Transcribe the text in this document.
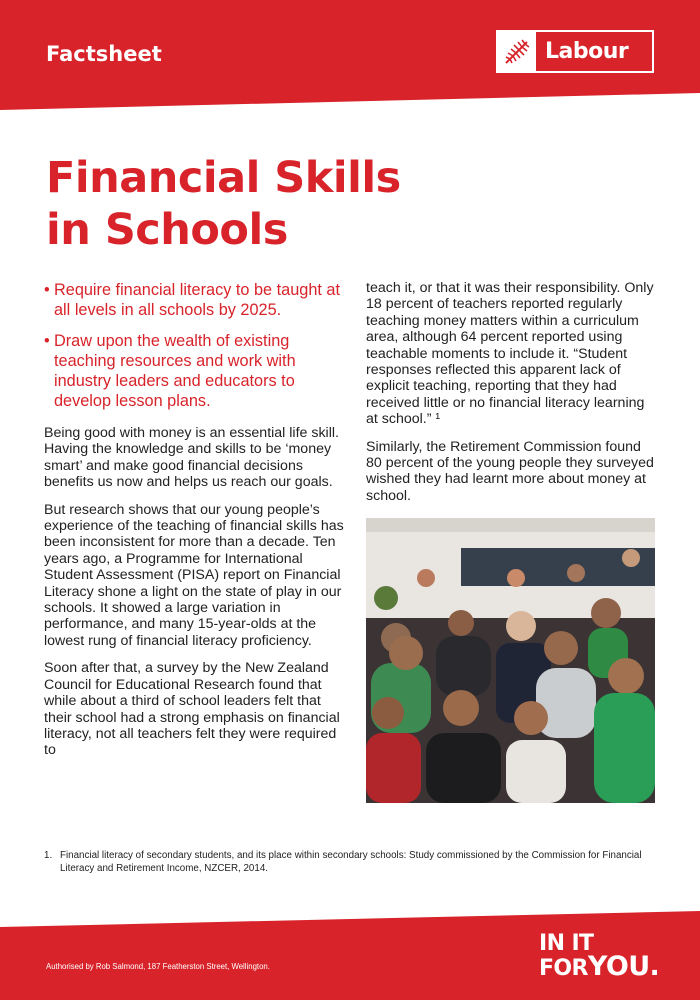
Factsheet	Labour
Financial Skills
in Schools
• Require financial literacy to be taught at all levels in all schools by 2025.
• Draw upon the wealth of existing teaching resources and work with industry leaders and educators to develop lesson plans.

Being good with money is an essential life skill. Having the knowledge and skills to be ‘money smart’ and make good financial decisions benefits us now and helps us reach our goals.

But research shows that our young people’s experience of the teaching of financial skills has been inconsistent for more than a decade. Ten years ago, a Programme for International Student Assessment (PISA) report on Financial Literacy shone a light on the state of play in our schools. It showed a large variation in performance, and many 15-year-olds at the lowest rung of financial literacy proficiency.

Soon after that, a survey by the New Zealand Council for Educational Research found that while about a third of school leaders felt that their school had a strong emphasis on financial literacy, not all teachers felt they were required to

teach it, or that it was their responsibility. Only 18 percent of teachers reported regularly teaching money matters within a curriculum area, although 64 percent reported using teachable moments to include it. “Student responses reflected this apparent lack of explicit teaching, reporting that they had received little or no financial literacy learning at school.” ¹

Similarly, the Retirement Commission found 80 percent of the young people they surveyed wished they had learnt more about money at school.

1. Financial literacy of secondary students, and its place within secondary schools: Study commissioned by the Commission for Financial Literacy and Retirement Income, NZCER, 2014.
Authorised by Rob Salmond, 187 Featherston Street, Wellington.
IN IT
FORYOU.
